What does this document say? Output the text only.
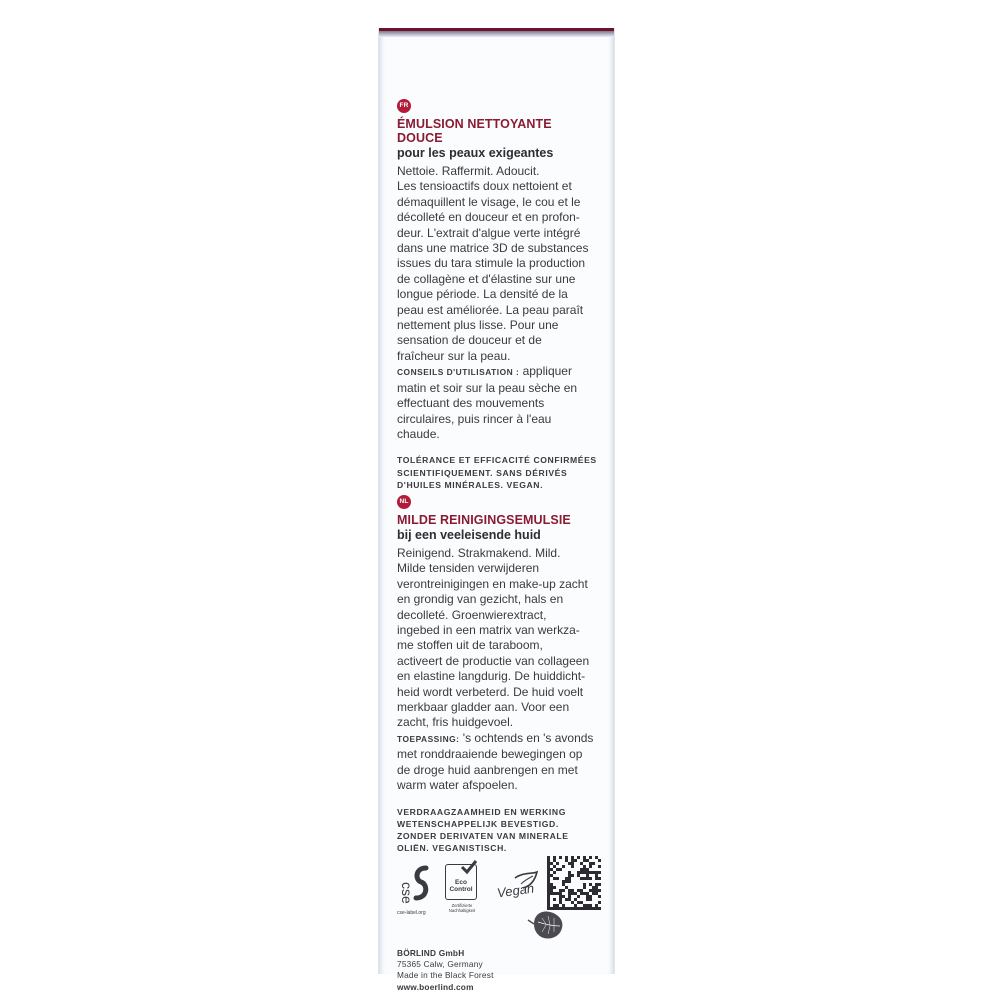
FR
ÉMULSION NETTOYANTE
DOUCE
pour les peaux exigeantes
Nettoie. Raffermit. Adoucit.
Les tensioactifs doux nettoient et
démaquillent le visage, le cou et le
décolleté en douceur et en profon-
deur. L'extrait d'algue verte intégré
dans une matrice 3D de substances
issues du tara stimule la production
de collagène et d'élastine sur une
longue période. La densité de la
peau est améliorée. La peau paraît
nettement plus lisse. Pour une
sensation de douceur et de
fraîcheur sur la peau.
CONSEILS D'UTILISATION : appliquer
matin et soir sur la peau sèche en
effectuant des mouvements
circulaires, puis rincer à l'eau
chaude.
TOLÉRANCE ET EFFICACITÉ CONFIRMÉES
SCIENTIFIQUEMENT. SANS DÉRIVÉS
D'HUILES MINÉRALES. VEGAN.
NL
MILDE REINIGINGSEMULSIE
bij een veeleisende huid
Reinigend. Strakmakend. Mild.
Milde tensiden verwijderen
verontreinigingen en make-up zacht
en grondig van gezicht, hals en
decolleté. Groenwierextract,
ingebed in een matrix van werkza-
me stoffen uit de taraboom,
activeert de productie van collageen
en elastine langdurig. De huiddicht-
heid wordt verbeterd. De huid voelt
merkbaar gladder aan. Voor een
zacht, fris huidgevoel.
TOEPASSING: 's ochtends en 's avonds
met ronddraaiende bewegingen op
de droge huid aanbrengen en met
warm water afspoelen.
VERDRAAGZAAMHEID EN WERKING
WETENSCHAPPELIJK BEVESTIGD.
ZONDER DERIVATEN VAN MINERALE
OLIËN. VEGANISTISCH.
cse
cse-label.org
Eco
Control
Zertifizierte
Nachhaltigkeit
Vegan
BÖRLIND GmbH
75365 Calw, Germany
Made in the Black Forest
www.boerlind.com
